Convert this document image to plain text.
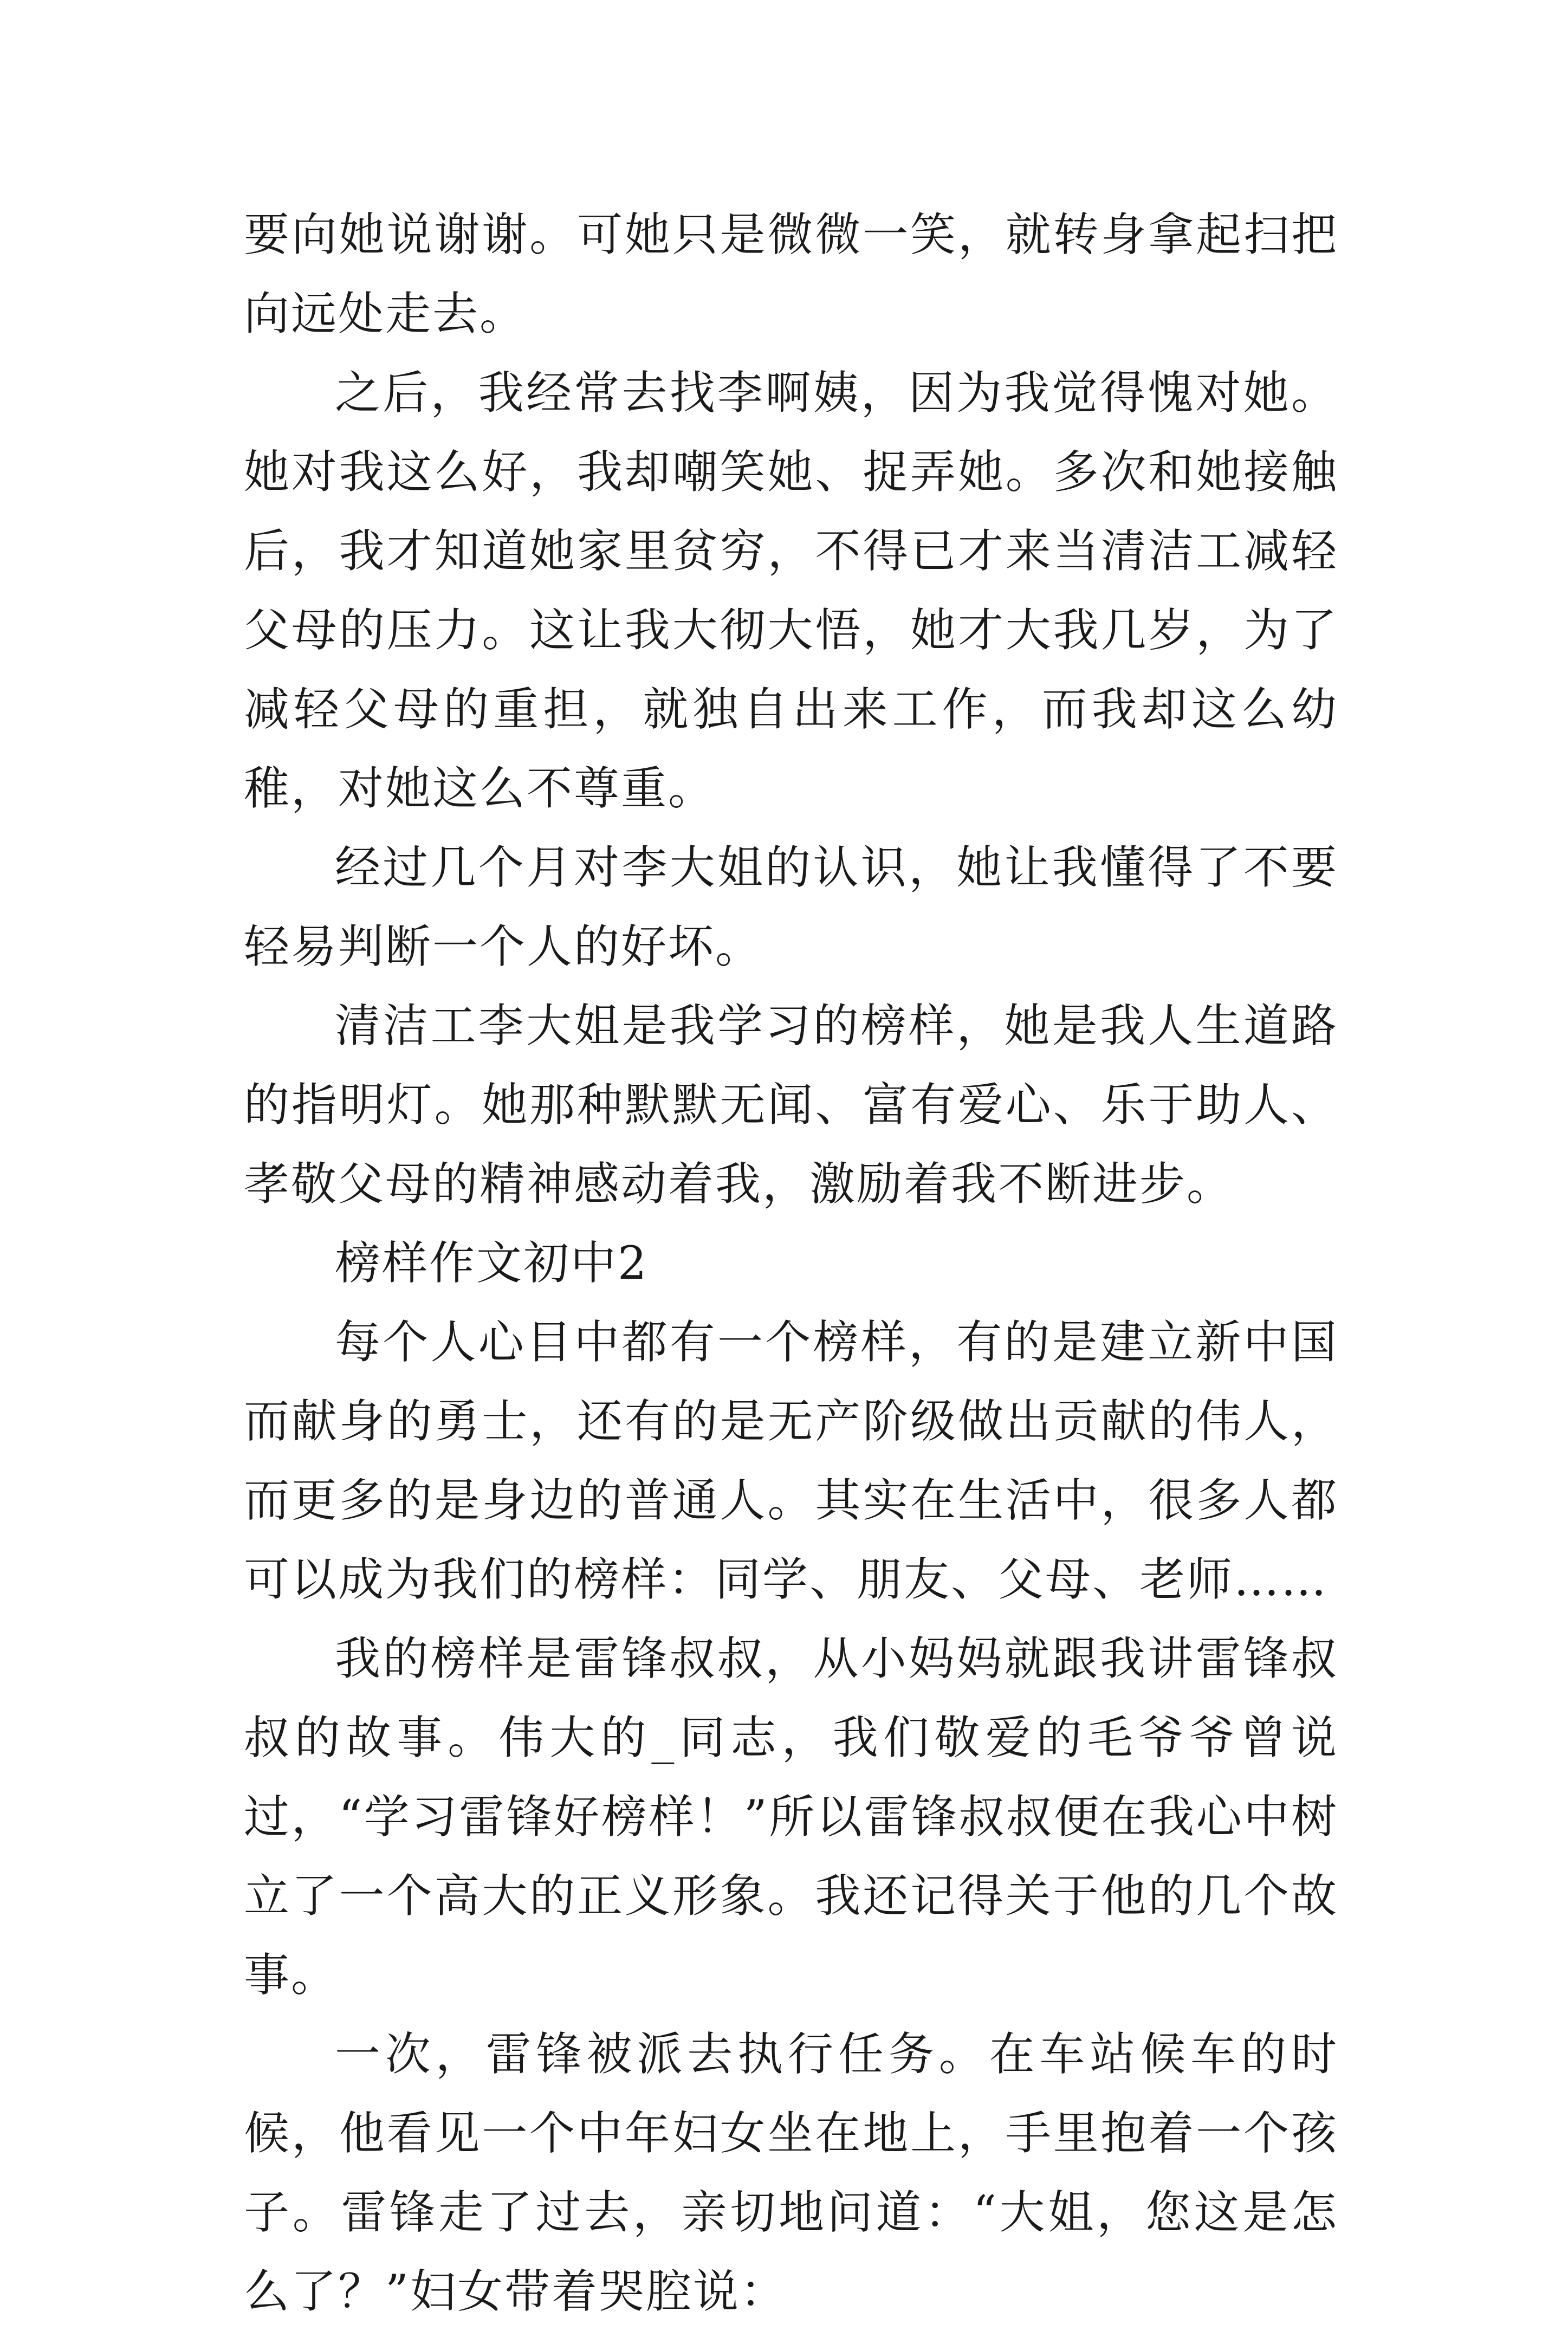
要向她说谢谢。可她只是微微一笑，就转身拿起扫把向远处走去。

之后，我经常去找李啊姨，因为我觉得愧对她。她对我这么好，我却嘲笑她、捉弄她。多次和她接触后，我才知道她家里贫穷，不得已才来当清洁工减轻父母的压力。这让我大彻大悟，她才大我几岁，为了减轻父母的重担，就独自出来工作，而我却这么幼稚，对她这么不尊重。

经过几个月对李大姐的认识，她让我懂得了不要轻易判断一个人的好坏。

清洁工李大姐是我学习的榜样，她是我人生道路的指明灯。她那种默默无闻、富有爱心、乐于助人、孝敬父母的精神感动着我，激励着我不断进步。

榜样作文初中2

每个人心目中都有一个榜样，有的是建立新中国而献身的勇士，还有的是无产阶级做出贡献的伟人，而更多的是身边的普通人。其实在生活中，很多人都可以成为我们的榜样：同学、朋友、父母、老师……

我的榜样是雷锋叔叔，从小妈妈就跟我讲雷锋叔叔的故事。伟大的_同志，我们敬爱的毛爷爷曾说过，“学习雷锋好榜样！”所以雷锋叔叔便在我心中树立了一个高大的正义形象。我还记得关于他的几个故事。

一次，雷锋被派去执行任务。在车站候车的时候，他看见一个中年妇女坐在地上，手里抱着一个孩子。雷锋走了过去，亲切地问道：“大姐，您这是怎么了？”妇女带着哭腔说：
